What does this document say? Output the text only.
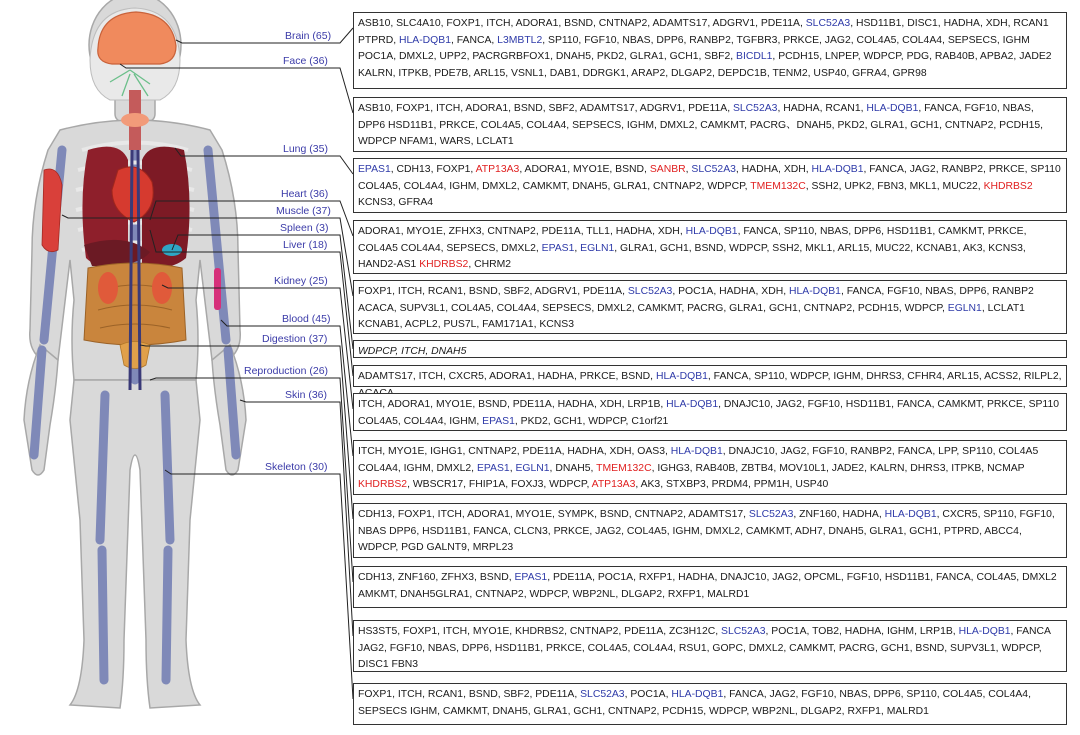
Brain (65)
Face (36)
Lung (35)
Heart (36)
Muscle (37)
Spleen (3)
Liver (18)
Kidney (25)
Blood (45)
Digestion (37)
Reproduction (26)
Skin (36)
Skeleton (30)
ASB10, SLC4A10, FOXP1, ITCH, ADORA1, BSND, CNTNAP2, ADAMTS17, ADGRV1, PDE11A, SLC52A3, HSD11B1, DISC1, HADHA, XDH, RCAN1 PTPRD, HLA-DQB1, FANCA, L3MBTL2, SP110, FGF10, NBAS, DPP6, RANBP2, TGFBR3, PRKCE, JAG2, COL4A5, COL4A4, SEPSECS, IGHM POC1A, DMXL2, UPP2, PACRGRBFOX1, DNAH5, PKD2, GLRA1, GCH1, SBF2, BICDL1, PCDH15, LNPEP, WDPCP, PDG, RAB40B, APBA2, JADE2 KALRN, ITPKB, PDE7B, ARL15, VSNL1, DAB1, DDRGK1, ARAP2, DLGAP2, DEPDC1B, TENM2, USP40, GFRA4, GPR98
ASB10, FOXP1, ITCH, ADORA1, BSND, SBF2, ADAMTS17, ADGRV1, PDE11A, SLC52A3, HADHA, RCAN1, HLA-DQB1, FANCA, FGF10, NBAS, DPP6 HSD11B1, PRKCE, COL4A5, COL4A4, SEPSECS, IGHM, DMXL2, CAMKMT, PACRG、DNAH5, PKD2, GLRA1, GCH1, CNTNAP2, PCDH15, WDPCP NFAM1, WARS, LCLAT1
EPAS1, CDH13, FOXP1, ATP13A3, ADORA1, MYO1E, BSND, SANBR, SLC52A3, HADHA, XDH, HLA-DQB1, FANCA, JAG2, RANBP2, PRKCE, SP110 COL4A5, COL4A4, IGHM, DMXL2, CAMKMT, DNAH5, GLRA1, CNTNAP2, WDPCP, TMEM132C, SSH2, UPK2, FBN3, MKL1, MUC22, KHDRBS2 KCNS3, GFRA4
ADORA1, MYO1E, ZFHX3, CNTNAP2, PDE11A, TLL1, HADHA, XDH, HLA-DQB1, FANCA, SP110, NBAS, DPP6, HSD11B1, CAMKMT, PRKCE, COL4A5 COL4A4, SEPSECS, DMXL2, EPAS1, EGLN1, GLRA1, GCH1, BSND, WDPCP, SSH2, MKL1, ARL15, MUC22, KCNAB1, AK3, KCNS3, HAND2-AS1 KHDRBS2, CHRM2
FOXP1, ITCH, RCAN1, BSND, SBF2, ADGRV1, PDE11A, SLC52A3, POC1A, HADHA, XDH, HLA-DQB1, FANCA, FGF10, NBAS, DPP6, RANBP2 ACACA, SUPV3L1, COL4A5, COL4A4, SEPSECS, DMXL2, CAMKMT, PACRG, GLRA1, GCH1, CNTNAP2, PCDH15, WDPCP, EGLN1, LCLAT1 KCNAB1, ACPL2, PUS7L, FAM171A1, KCNS3
WDPCP, ITCH, DNAH5
ADAMTS17, ITCH, CXCR5, ADORA1, HADHA, PRKCE, BSND, HLA-DQB1, FANCA, SP110, WDPCP, IGHM, DHRS3, CFHR4, ARL15, ACSS2, RILPL2,
ITCH, ADORA1, MYO1E, BSND, PDE11A, HADHA, XDH, LRP1B, HLA-DQB1, DNAJC10, JAG2, FGF10, HSD11B1, FANCA, CAMKMT, PRKCE, SP110 COL4A5, COL4A4, IGHM, EPAS1, PKD2, GCH1, WDPCP, C1orf21
ITCH, MYO1E, IGHG1, CNTNAP2, PDE11A, HADHA, XDH, OAS3, HLA-DQB1, DNAJC10, JAG2, FGF10, RANBP2, FANCA, LPP, SP110, COL4A5 COL4A4, IGHM, DMXL2, EPAS1, EGLN1, DNAH5, TMEM132C, IGHG3, RAB40B, ZBTB4, MOV10L1, JADE2, KALRN, DHRS3, ITPKB, NCMAP KHDRBS2, WBSCR17, FHIP1A, FOXJ3, WDPCP, ATP13A3, AK3, STXBP3, PRDM4, PPM1H, USP40
CDH13, FOXP1, ITCH, ADORA1, MYO1E, SYMPK, BSND, CNTNAP2, ADAMTS17, SLC52A3, ZNF160, HADHA, HLA-DQB1, CXCR5, SP110, FGF10, NBAS DPP6, HSD11B1, FANCA, CLCN3, PRKCE, JAG2, COL4A5, IGHM, DMXL2, CAMKMT, ADH7, DNAH5, GLRA1, GCH1, PTPRD, ABCC4, WDPCP, PGD GALNT9, MRPL23
CDH13, ZNF160, ZFHX3, BSND, EPAS1, PDE11A, POC1A, RXFP1, HADHA, DNAJC10, JAG2, OPCML, FGF10, HSD11B1, FANCA, COL4A5, DMXL2 AMKMT, DNAH5GLRA1, CNTNAP2, WDPCP, WBP2NL, DLGAP2, RXFP1, MALRD1
HS3ST5, FOXP1, ITCH, MYO1E, KHDRBS2, CNTNAP2, PDE11A, ZC3H12C, SLC52A3, POC1A, TOB2, HADHA, IGHM, LRP1B, HLA-DQB1, FANCA JAG2, FGF10, NBAS, DPP6, HSD11B1, PRKCE, COL4A5, COL4A4, RSU1, GOPC, DMXL2, CAMKMT, PACRG, GCH1, BSND, SUPV3L1, WDPCP, DISC1 FBN3
FOXP1, ITCH, RCAN1, BSND, SBF2, PDE11A, SLC52A3, POC1A, HLA-DQB1, FANCA, JAG2, FGF10, NBAS, DPP6, SP110, COL4A5, COL4A4, SEPSECS IGHM, CAMKMT, DNAH5, GLRA1, GCH1, CNTNAP2, PCDH15, WDPCP, WBP2NL, DLGAP2, RXFP1, MALRD1
